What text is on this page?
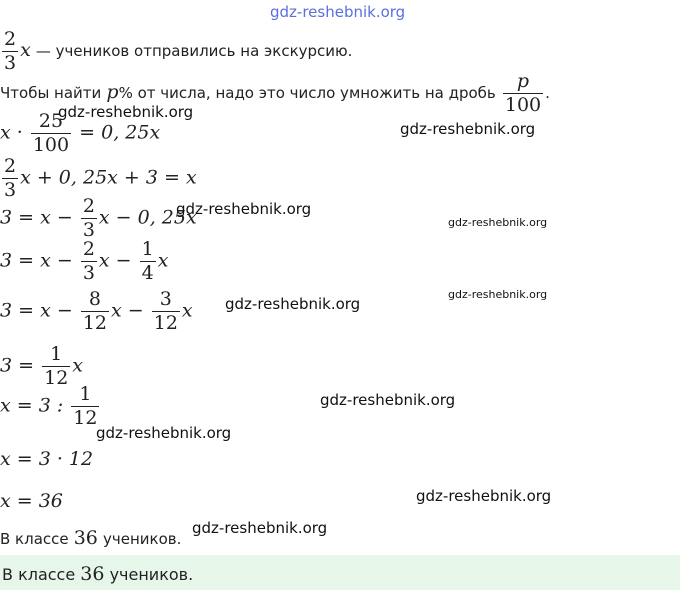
gdz-reshebnik.org
$\frac{2}{3}$ x — учеников отправились на экскурсию.
Чтобы найти p% от числа, надо это число умножить на дробь $\frac{p}{100}$ .
$x \cdot \frac{25}{100} = 0$, 25x
$\frac{2}{3}$ x + 0, 25x + 3 = x
$3 = x - \frac{2}{3}$ x − 0, 25x
$3 = x - \frac{2}{3}$ $x - \frac{1}{4}$ x
$3 = x - \frac{8}{12}$ $x - \frac{3}{12}$ x
$3 = \frac{1}{12}$ x
x = 3 : $\frac{1}{12}$
x = 3 · 12
x = 36
В классе 36 учеников.
В классе 36 учеников.
gdz-reshebnik.org
gdz-reshebnik.org
gdz-reshebnik.org
gdz-reshebnik.org
gdz-reshebnik.org
gdz-reshebnik.org
gdz-reshebnik.org
gdz-reshebnik.org
gdz-reshebnik.org
gdz-reshebnik.org
